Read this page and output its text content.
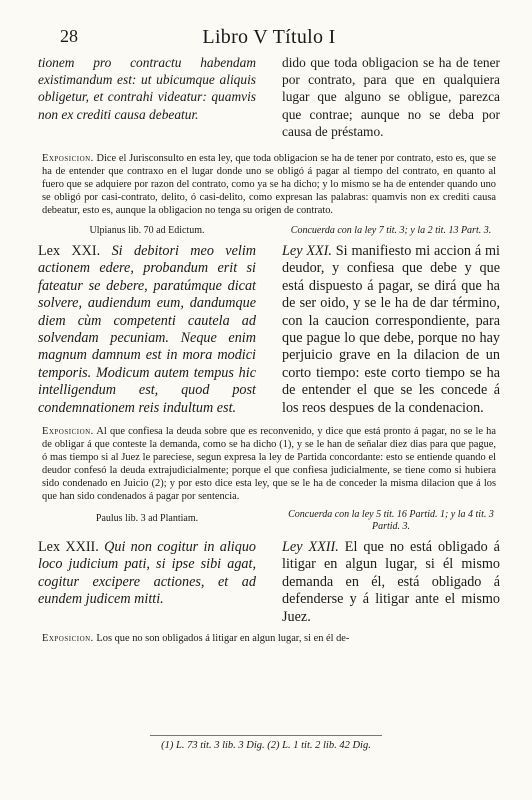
28	Libro V Título I
tionem pro contractu habendam existimandum est: ut ubicumque aliquis obligetur, et contrahi videatur: quamvis non ex crediti causa debeatur.
dido que toda obligacion se ha de tener por contrato, para que en qualquiera lugar que alguno se obligue, parezca que contrae; aunque no se deba por causa de préstamo.

Exposicion. Dice el Jurisconsulto en esta ley, que toda obligacion se ha de tener por contrato, esto es, que se ha de entender que contraxo en el lugar donde uno se obligó á pagar al tiempo del contrato, en quanto al fuero que se adquiere por razon del contrato, como ya se ha dicho; y lo mismo se ha de entender quando uno se obligó por casi-contrato, delito, ó casi-delito, como expresan las palabras: quamvis non ex crediti causa debeatur, esto es, aunque la obligacion no tenga su origen de contrato.

Ulpianus lib. 70 ad Edictum.	Concuerda con la ley 7 tit. 3; y la 2 tit. 13 Part. 3.
Lex XXI. Si debitori meo velim actionem edere, probandum erit si fateatur se debere, paratúmque dicat solvere, audiendum eum, dandumque diem cùm competenti cautela ad solvendam pecuniam. Neque enim magnum damnum est in mora modici temporis. Modicum autem tempus hic intelligendum est, quod post condemnationem reis indultum est.
Ley XXI. Si manifiesto mi accion á mi deudor, y confiesa que debe y que está dispuesto á pagar, se dirá que ha de ser oido, y se le ha de dar término, con la caucion correspondiente, para que pague lo que debe, porque no hay perjuicio grave en la dilacion de un corto tiempo: este corto tiempo se ha de entender el que se les concede á los reos despues de la condenacion.

Exposicion. Al que confiesa la deuda sobre que es reconvenido, y dice que está pronto á pagar, no se le ha de obligar á que conteste la demanda, como se ha dicho (1), y se le han de señalar diez dias para que pague, ó mas tiempo si al Juez le pareciese, segun expresa la ley de Partida concordante: esto se entiende quando el deudor confesó la deuda extrajudicialmente; porque el que confiesa judicialmente, se tiene como si hubiera sido condenado en Juicio (2); y por esto dice esta ley, que se le ha de conceder la misma dilacion que á los que han sido condenados á pagar por sentencia.

Paulus lib. 3 ad Plantiam.	Concuerda con la ley 5 tit. 16 Partid. 1; y la 4 tit. 3 Partid. 3.
Lex XXII. Qui non cogitur in aliquo loco judicium pati, si ipse sibi agat, cogitur excipere actiones, et ad eundem judicem mitti.
Ley XXII. El que no está obligado á litigar en algun lugar, si él mismo demanda en él, está obligado á defenderse y á litigar ante el mismo Juez.

Exposicion. Los que no son obligados á litigar en algun lugar, si en él de-

(1) L. 73 tit. 3 lib. 3 Dig. (2) L. 1 tit. 2 lib. 42 Dig.
